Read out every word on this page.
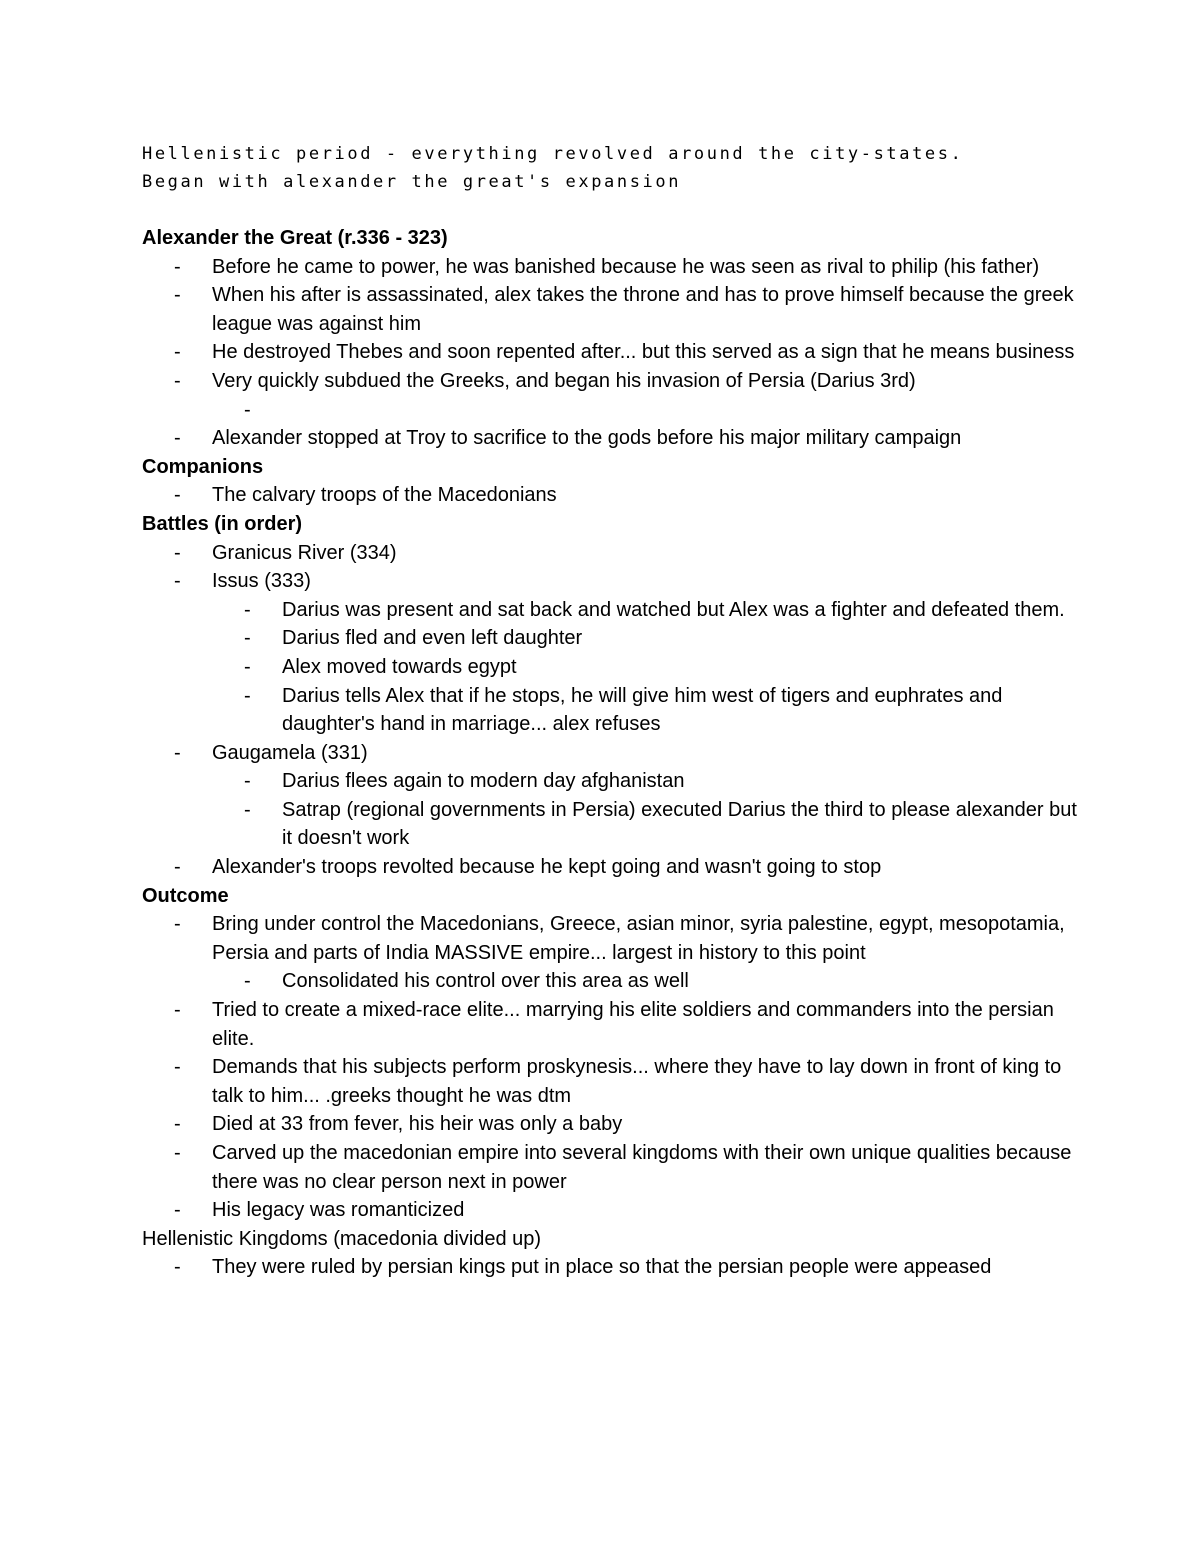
Hellenistic period - everything revolved around the city-states.
Began with alexander the great's expansion
Alexander the Great (r.336 - 323)
- Before he came to power, he was banished because he was seen as rival to philip (his father)
- When his after is assassinated, alex takes the throne and has to prove himself because the greek league was against him
- He destroyed Thebes and soon repented after... but this served as a sign that he means business
- Very quickly subdued the Greeks, and began his invasion of Persia (Darius 3rd)
-
- Alexander stopped at Troy to sacrifice to the gods before his major military campaign
Companions
- The calvary troops of the Macedonians
Battles (in order)
- Granicus River (334)
- Issus (333)
- Darius was present and sat back and watched but Alex was a fighter and defeated them.
- Darius fled and even left daughter
- Alex moved towards egypt
- Darius tells Alex that if he stops, he will give him west of tigers and euphrates and daughter's hand in marriage... alex refuses
- Gaugamela (331)
- Darius flees again to modern day afghanistan
- Satrap (regional governments in Persia) executed Darius the third to please alexander but it doesn't work
- Alexander's troops revolted because he kept going and wasn't going to stop
Outcome
- Bring under control the Macedonians, Greece, asian minor, syria palestine, egypt, mesopotamia, Persia and parts of India MASSIVE empire... largest in history to this point
- Consolidated his control over this area as well
- Tried to create a mixed-race elite... marrying his elite soldiers and commanders into the persian elite.
- Demands that his subjects perform proskynesis... where they have to lay down in front of king to talk to him... .greeks thought he was dtm
- Died at 33 from fever, his heir was only a baby
- Carved up the macedonian empire into several kingdoms with their own unique qualities because there was no clear person next in power
- His legacy was romanticized
Hellenistic Kingdoms (macedonia divided up)
- They were ruled by persian kings put in place so that the persian people were appeased
